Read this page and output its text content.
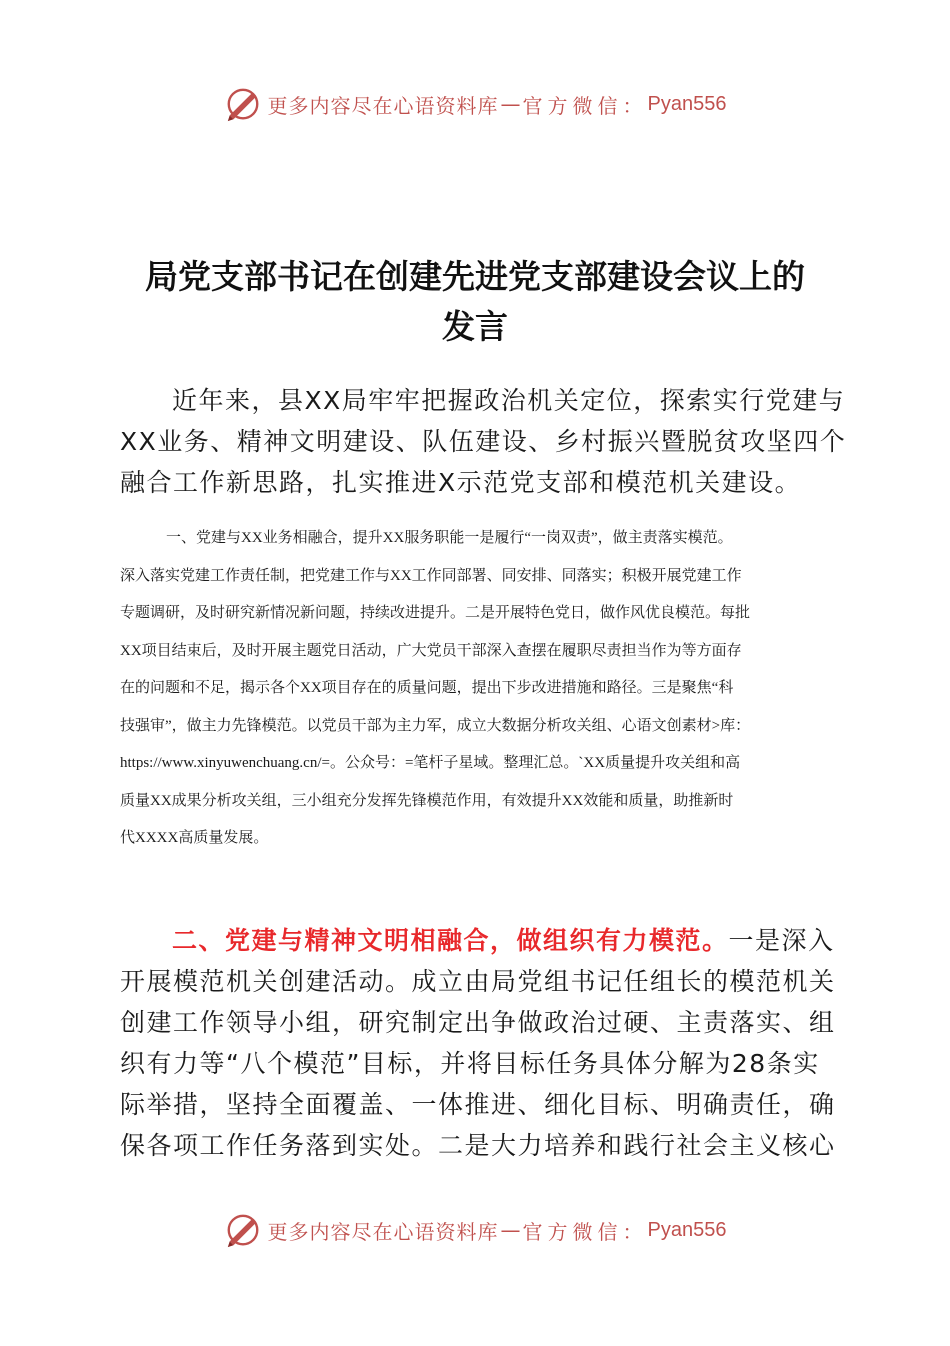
更多内容尽在心语资料库 — 官方微信： Pyan556
局党支部书记在创建先进党支部建设会议上的
发言
近年来，县XX局牢牢把握政治机关定位，探索实行党建与
XX业务、精神文明建设、队伍建设、乡村振兴暨脱贫攻坚四个
融合工作新思路，扎实推进X示范党支部和模范机关建设。
一、党建与XX业务相融合，提升XX服务职能一是履行“一岗双责”，做主责落实模范。
深入落实党建工作责任制，把党建工作与XX工作同部署、同安排、同落实；积极开展党建工作
专题调研，及时研究新情况新问题，持续改进提升。二是开展特色党日，做作风优良模范。每批
XX项目结束后，及时开展主题党日活动，广大党员干部深入查摆在履职尽责担当作为等方面存
在的问题和不足，揭示各个XX项目存在的质量问题，提出下步改进措施和路径。三是聚焦“科
技强审”，做主力先锋模范。以党员干部为主力军，成立大数据分析攻关组、心语文创素材>库：
https://www.xinyuwenchuang.cn/=。公众号：=笔杆子星域。整理汇总。`XX质量提升攻关组和高
质量XX成果分析攻关组，三小组充分发挥先锋模范作用，有效提升XX效能和质量，助推新时
代XXXX高质量发展。
二、党建与精神文明相融合，做组织有力模范。一是深入
开展模范机关创建活动。成立由局党组书记任组长的模范机关
创建工作领导小组，研究制定出争做政治过硬、主责落实、组
织有力等“八个模范”目标，并将目标任务具体分解为28条实
际举措，坚持全面覆盖、一体推进、细化目标、明确责任，确
保各项工作任务落到实处。二是大力培养和践行社会主义核心
更多内容尽在心语资料库 — 官方微信： Pyan556
